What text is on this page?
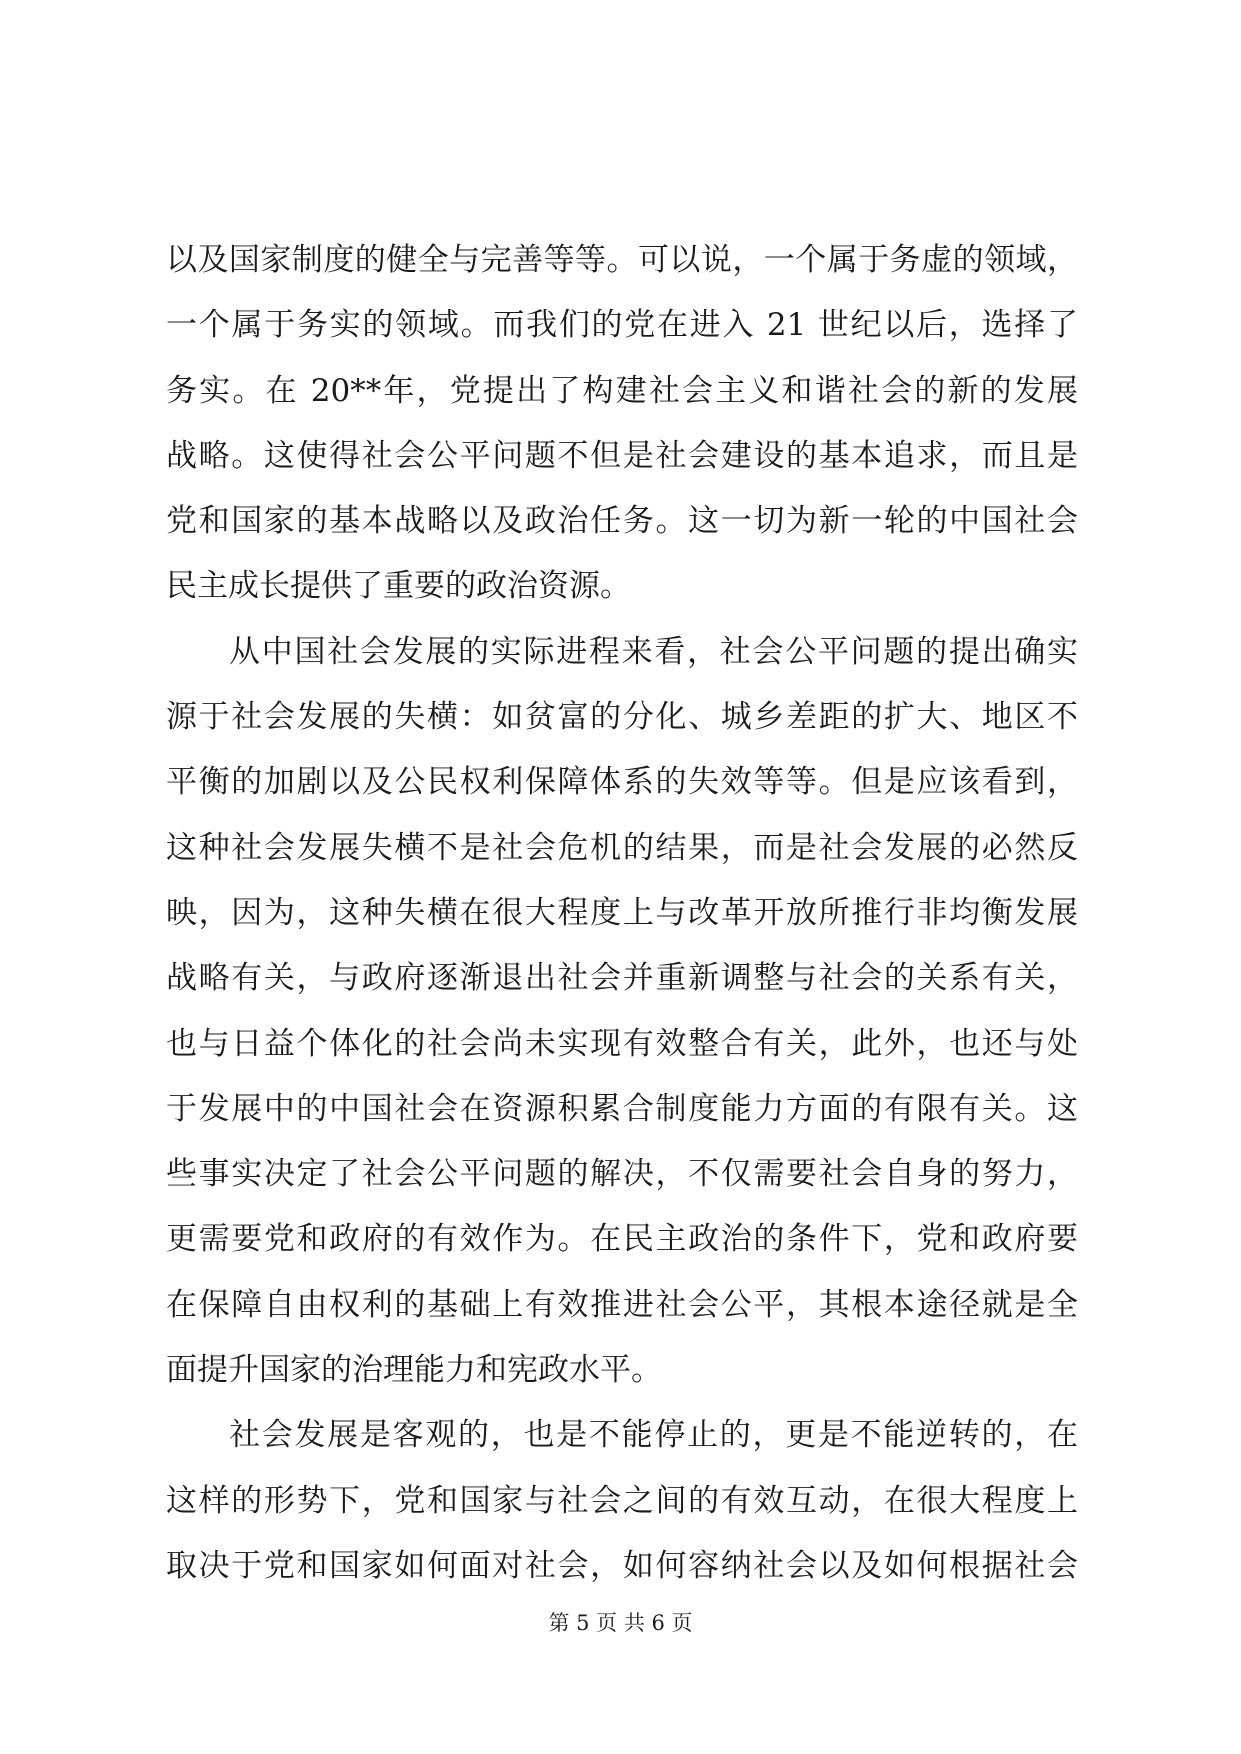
以及国家制度的健全与完善等等。可以说，一个属于务虚的领域，
一个属于务实的领域。而我们的党在进入 21 世纪以后，选择了
务实。在 20**年，党提出了构建社会主义和谐社会的新的发展
战略。这使得社会公平问题不但是社会建设的基本追求，而且是
党和国家的基本战略以及政治任务。这一切为新一轮的中国社会
民主成长提供了重要的政治资源。
从中国社会发展的实际进程来看，社会公平问题的提出确实
源于社会发展的失横：如贫富的分化、城乡差距的扩大、地区不
平衡的加剧以及公民权利保障体系的失效等等。但是应该看到，
这种社会发展失横不是社会危机的结果，而是社会发展的必然反
映，因为，这种失横在很大程度上与改革开放所推行非均衡发展
战略有关，与政府逐渐退出社会并重新调整与社会的关系有关，
也与日益个体化的社会尚未实现有效整合有关，此外，也还与处
于发展中的中国社会在资源积累合制度能力方面的有限有关。这
些事实决定了社会公平问题的解决，不仅需要社会自身的努力，
更需要党和政府的有效作为。在民主政治的条件下，党和政府要
在保障自由权利的基础上有效推进社会公平，其根本途径就是全
面提升国家的治理能力和宪政水平。
社会发展是客观的，也是不能停止的，更是不能逆转的，在
这样的形势下，党和国家与社会之间的有效互动，在很大程度上
取决于党和国家如何面对社会，如何容纳社会以及如何根据社会
第 5 页 共 6 页
